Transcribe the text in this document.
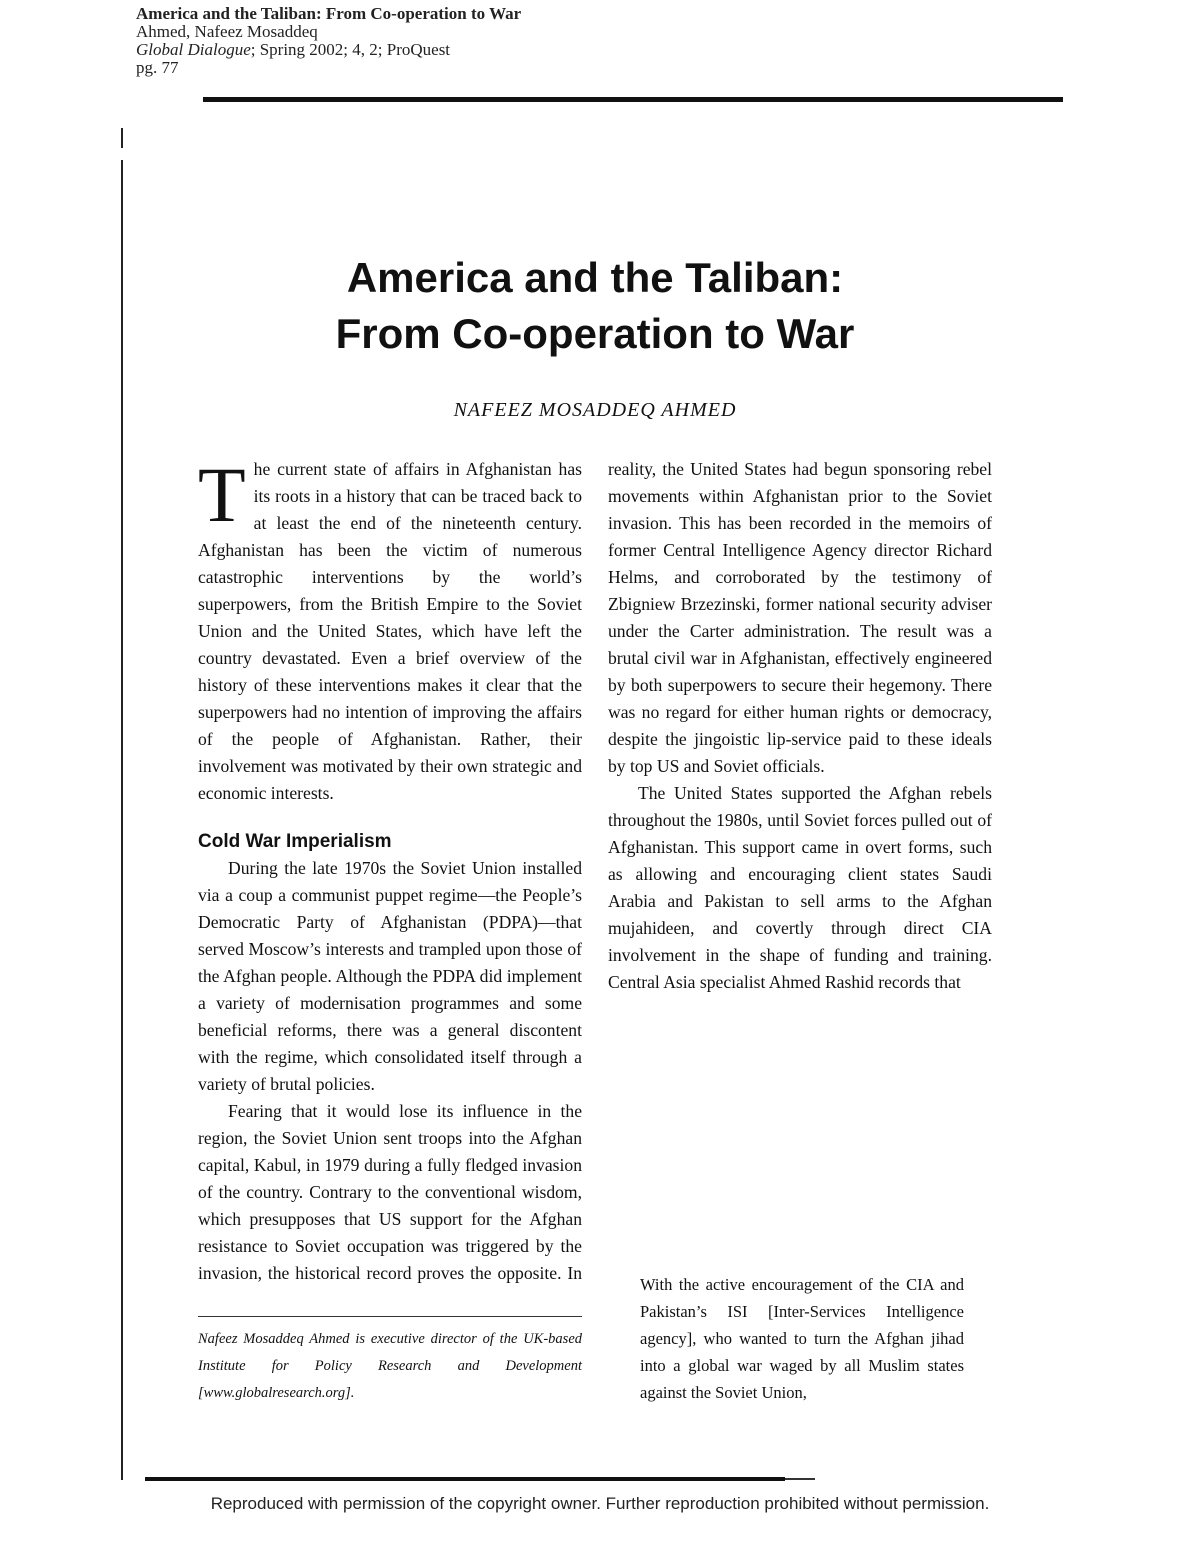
America and the Taliban: From Co-operation to War
Ahmed, Nafeez Mosaddeq
Global Dialogue; Spring 2002; 4, 2; ProQuest
pg. 77
America and the Taliban:
From Co-operation to War
NAFEEZ MOSADDEQ AHMED

The current state of affairs in Afghanistan has its roots in a history that can be traced back to at least the end of the nineteenth century. Afghanistan has been the victim of numerous catastrophic interventions by the world’s superpowers, from the British Empire to the Soviet Union and the United States, which have left the country devastated. Even a brief overview of the history of these interventions makes it clear that the superpowers had no intention of improving the affairs of the people of Afghanistan. Rather, their involvement was motivated by their own strategic and economic interests.

Cold War Imperialism

During the late 1970s the Soviet Union installed via a coup a communist puppet regime—the People’s Democratic Party of Afghanistan (PDPA)—that served Moscow’s interests and trampled upon those of the Afghan people. Although the PDPA did implement a variety of modernisation programmes and some beneficial reforms, there was a general discontent with the regime, which consolidated itself through a variety of brutal policies.

Fearing that it would lose its influence in the region, the Soviet Union sent troops into the Afghan capital, Kabul, in 1979 during a fully fledged invasion of the country. Contrary to the conventional wisdom, which presupposes that US support for the Afghan resistance to Soviet occupation was triggered by the invasion, the historical record proves the opposite. In

reality, the United States had begun sponsoring rebel movements within Afghanistan prior to the Soviet invasion. This has been recorded in the memoirs of former Central Intelligence Agency director Richard Helms, and corroborated by the testimony of Zbigniew Brzezinski, former national security adviser under the Carter administration. The result was a brutal civil war in Afghanistan, effectively engineered by both superpowers to secure their hegemony. There was no regard for either human rights or democracy, despite the jingoistic lip-service paid to these ideals by top US and Soviet officials.

The United States supported the Afghan rebels throughout the 1980s, until Soviet forces pulled out of Afghanistan. This support came in overt forms, such as allowing and encouraging client states Saudi Arabia and Pakistan to sell arms to the Afghan mujahideen, and covertly through direct CIA involvement in the shape of funding and training. Central Asia specialist Ahmed Rashid records that

With the active encouragement of the CIA and Pakistan’s ISI [Inter-Services Intelligence agency], who wanted to turn the Afghan jihad into a global war waged by all Muslim states against the Soviet Union,
Nafeez Mosaddeq Ahmed is executive director of the UK-based Institute for Policy Research and Development [www.globalresearch.org].
Reproduced with permission of the copyright owner. Further reproduction prohibited without permission.
